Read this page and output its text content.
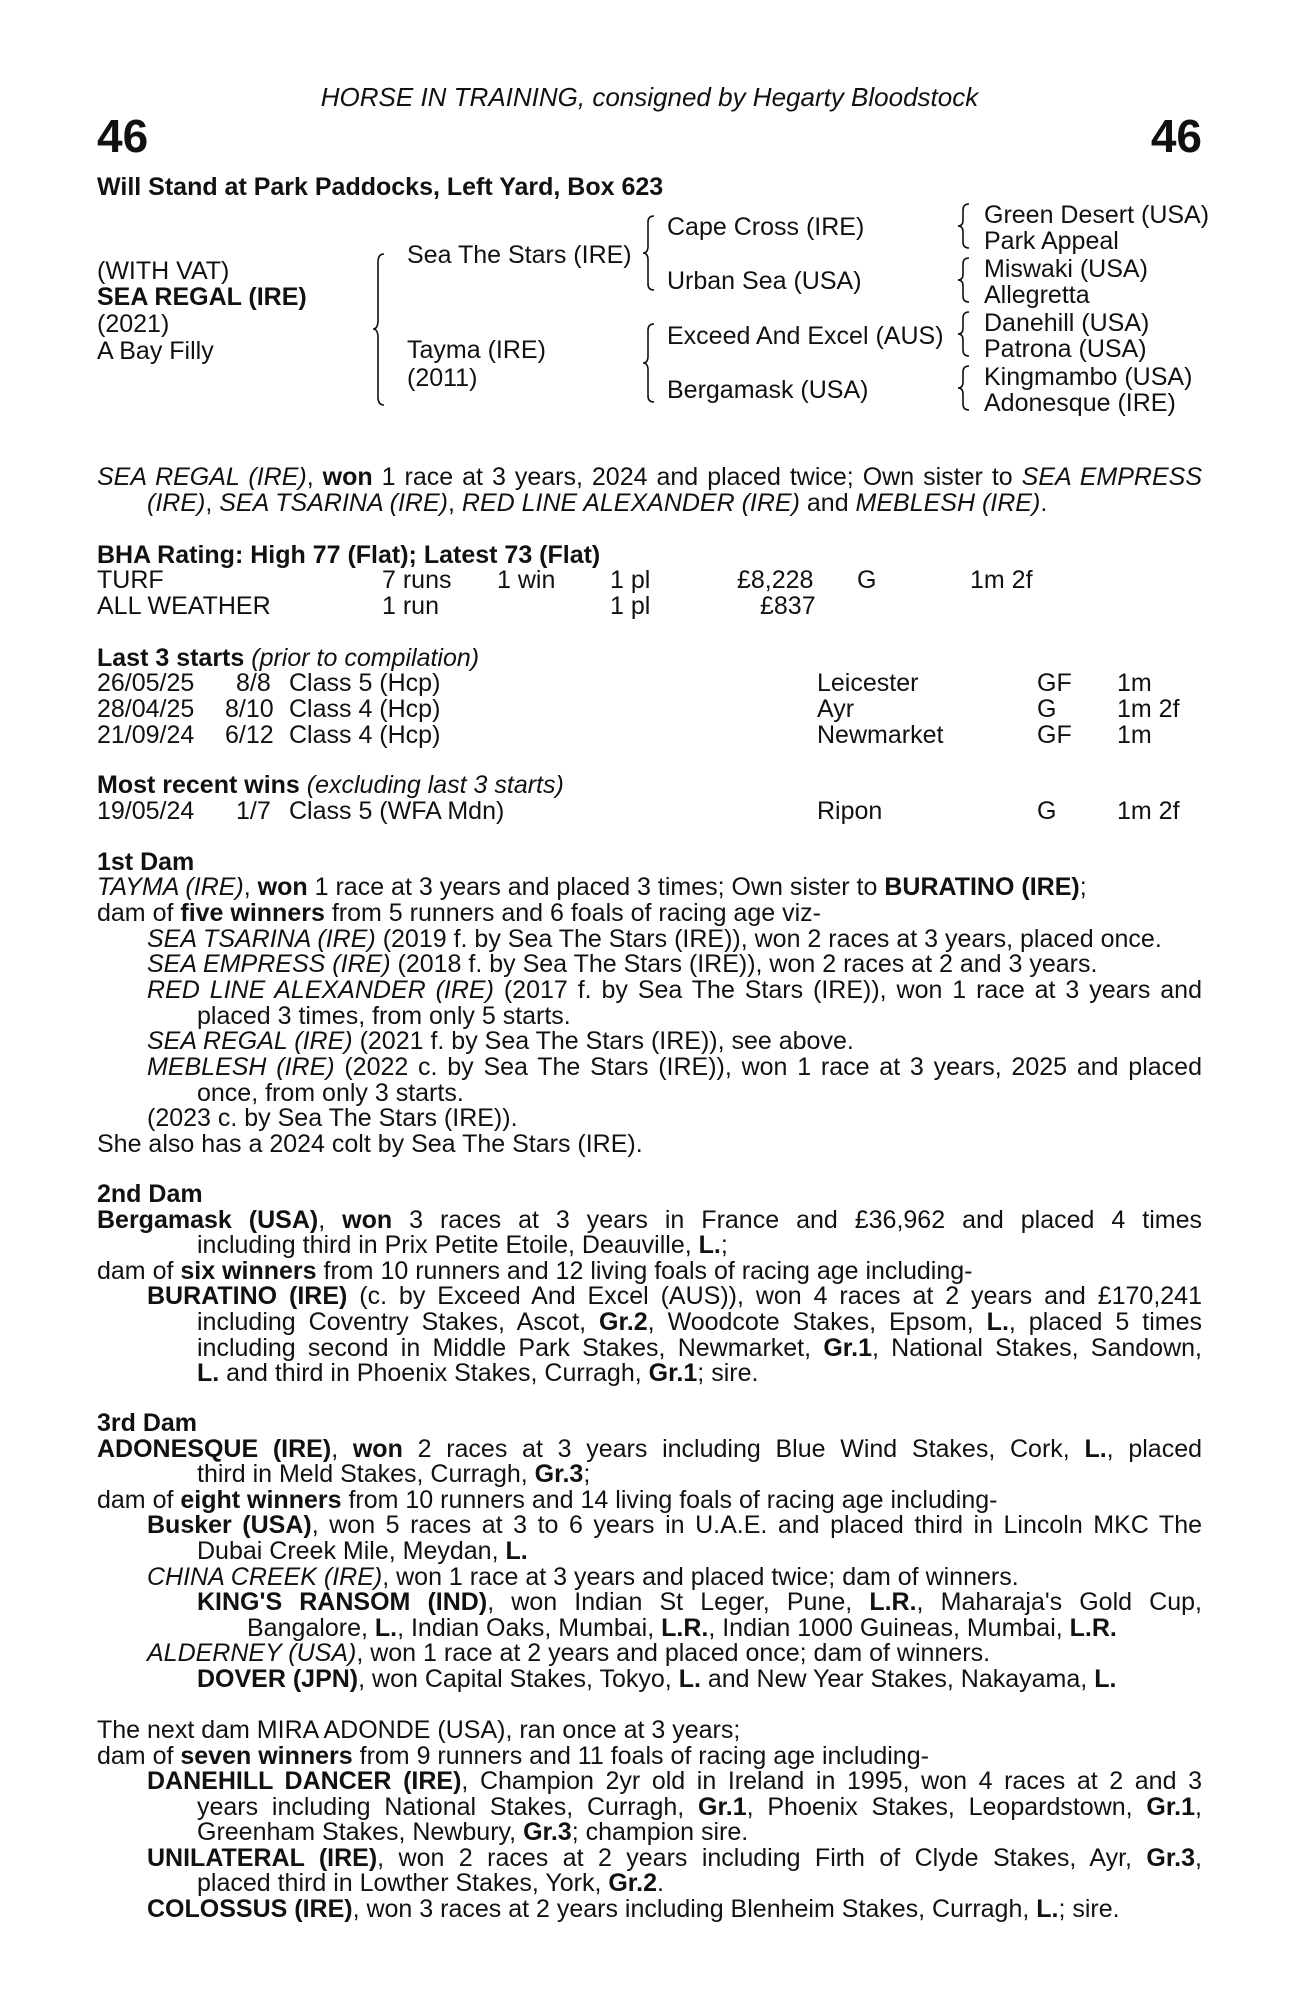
HORSE IN TRAINING, consigned by Hegarty Bloodstock
46	46
Will Stand at Park Paddocks, Left Yard, Box 623
(WITH VAT)
SEA REGAL (IRE)
(2021)
A Bay Filly
Sea The Stars (IRE)
Tayma (IRE)
(2011)
Cape Cross (IRE)
Urban Sea (USA)
Exceed And Excel (AUS)
Bergamask (USA)
Green Desert (USA)
Park Appeal
Miswaki (USA)
Allegretta
Danehill (USA)
Patrona (USA)
Kingmambo (USA)
Adonesque (IRE)
SEA REGAL (IRE), won 1 race at 3 years, 2024 and placed twice; Own sister to SEA EMPRESS
(IRE), SEA TSARINA (IRE), RED LINE ALEXANDER (IRE) and MEBLESH (IRE).
BHA Rating: High 77 (Flat); Latest 73 (Flat)
TURF	7 runs 1 win 1 pl	£8,228 G	1m 2f
ALL WEATHER	1 run	1 pl	£837
Last 3 starts (prior to compilation)
26/05/25 8/8 Class 5 (Hcp)	Leicester	GF 1m
28/04/25 8/10 Class 4 (Hcp)	Ayr	G 1m 2f
21/09/24 6/12 Class 4 (Hcp)	Newmarket	GF 1m
Most recent wins (excluding last 3 starts)
19/05/24 1/7 Class 5 (WFA Mdn)	Ripon	G 1m 2f
1st Dam
TAYMA (IRE), won 1 race at 3 years and placed 3 times; Own sister to BURATINO (IRE);
dam of five winners from 5 runners and 6 foals of racing age viz-
SEA TSARINA (IRE) (2019 f. by Sea The Stars (IRE)), won 2 races at 3 years, placed once.
SEA EMPRESS (IRE) (2018 f. by Sea The Stars (IRE)), won 2 races at 2 and 3 years.
RED LINE ALEXANDER (IRE) (2017 f. by Sea The Stars (IRE)), won 1 race at 3 years and
placed 3 times, from only 5 starts.
SEA REGAL (IRE) (2021 f. by Sea The Stars (IRE)), see above.
MEBLESH (IRE) (2022 c. by Sea The Stars (IRE)), won 1 race at 3 years, 2025 and placed
once, from only 3 starts.
(2023 c. by Sea The Stars (IRE)).
She also has a 2024 colt by Sea The Stars (IRE).
2nd Dam
Bergamask (USA), won 3 races at 3 years in France and £36,962 and placed 4 times
including third in Prix Petite Etoile, Deauville, L.;
dam of six winners from 10 runners and 12 living foals of racing age including-
BURATINO (IRE) (c. by Exceed And Excel (AUS)), won 4 races at 2 years and £170,241
including Coventry Stakes, Ascot, Gr.2, Woodcote Stakes, Epsom, L., placed 5 times
including second in Middle Park Stakes, Newmarket, Gr.1, National Stakes, Sandown,
L. and third in Phoenix Stakes, Curragh, Gr.1; sire.
3rd Dam
ADONESQUE (IRE), won 2 races at 3 years including Blue Wind Stakes, Cork, L., placed
third in Meld Stakes, Curragh, Gr.3;
dam of eight winners from 10 runners and 14 living foals of racing age including-
Busker (USA), won 5 races at 3 to 6 years in U.A.E. and placed third in Lincoln MKC The
Dubai Creek Mile, Meydan, L.
CHINA CREEK (IRE), won 1 race at 3 years and placed twice; dam of winners.
KING'S RANSOM (IND), won Indian St Leger, Pune, L.R., Maharaja's Gold Cup,
Bangalore, L., Indian Oaks, Mumbai, L.R., Indian 1000 Guineas, Mumbai, L.R.
ALDERNEY (USA), won 1 race at 2 years and placed once; dam of winners.
DOVER (JPN), won Capital Stakes, Tokyo, L. and New Year Stakes, Nakayama, L.
The next dam MIRA ADONDE (USA), ran once at 3 years;
dam of seven winners from 9 runners and 11 foals of racing age including-
DANEHILL DANCER (IRE), Champion 2yr old in Ireland in 1995, won 4 races at 2 and 3
years including National Stakes, Curragh, Gr.1, Phoenix Stakes, Leopardstown, Gr.1,
Greenham Stakes, Newbury, Gr.3; champion sire.
UNILATERAL (IRE), won 2 races at 2 years including Firth of Clyde Stakes, Ayr, Gr.3,
placed third in Lowther Stakes, York, Gr.2.
COLOSSUS (IRE), won 3 races at 2 years including Blenheim Stakes, Curragh, L.; sire.
